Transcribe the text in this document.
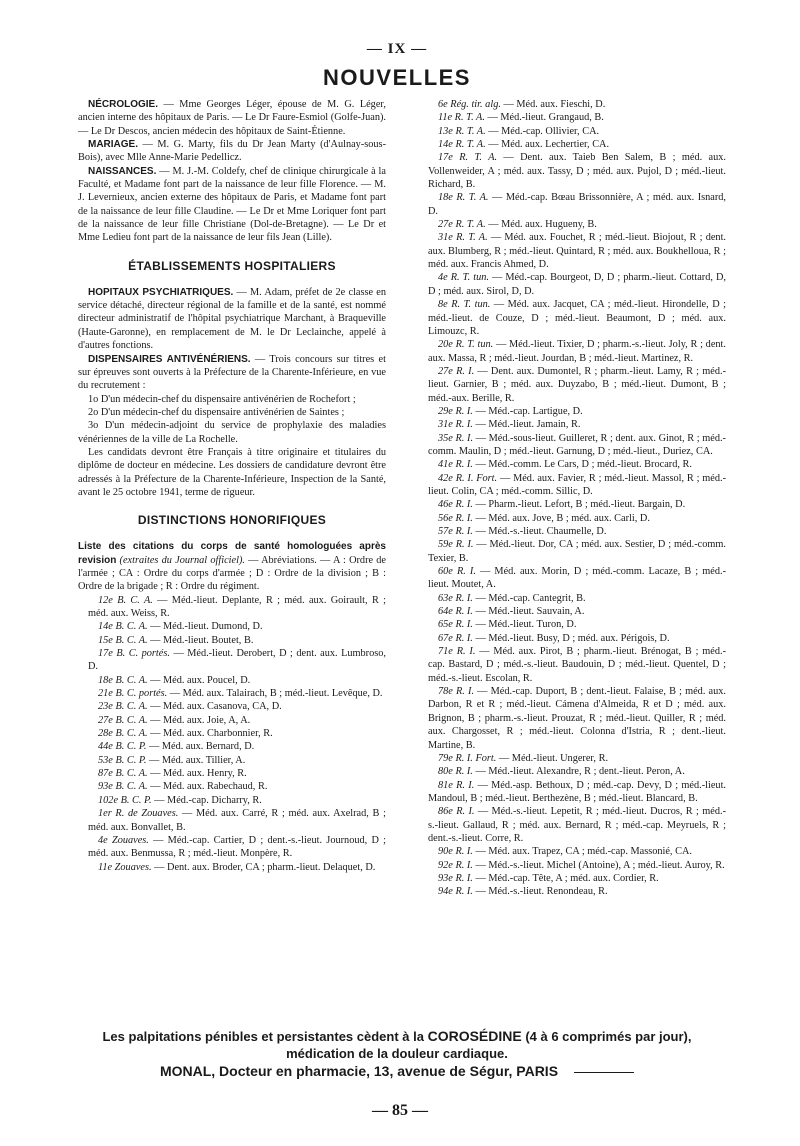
— IX —
NOUVELLES

NÉCROLOGIE. — Mme Georges Léger, épouse de M. G. Léger, ancien interne des hôpitaux de Paris. — Le Dr Faure-Esmiol (Golfe-Juan). — Le Dr Descos, ancien médecin des hôpitaux de Saint-Étienne.

MARIAGE. — M. G. Marty, fils du Dr Jean Marty (d'Aulnay-sous-Bois), avec Mlle Anne-Marie Pedellicz.

NAISSANCES. — M. J.-M. Coldefy, chef de clinique chirurgicale à la Faculté, et Madame font part de la naissance de leur fille Florence. — M. J. Levernieux, ancien externe des hôpitaux de Paris, et Madame font part de la naissance de leur fille Claudine. — Le Dr et Mme Loriquer font part de la naissance de leur fille Christiane (Dol-de-Bretagne). — Le Dr et Mme Ledieu font part de la naissance de leur fils Jean (Lille).

ÉTABLISSEMENTS HOSPITALIERS

HOPITAUX PSYCHIATRIQUES. — M. Adam, préfet de 2e classe en service détaché, directeur régional de la famille et de la santé, est nommé directeur administratif de l'hôpital psychiatrique Marchant, à Braqueville (Haute-Garonne), en remplacement de M. le Dr Leclainche, appelé à d'autres fonctions.

DISPENSAIRES ANTIVÉNÉRIENS. — Trois concours sur titres et sur épreuves sont ouverts à la Préfecture de la Charente-Inférieure, en vue du recrutement :

1o D'un médecin-chef du dispensaire antivénérien de Rochefort ;

2o D'un médecin-chef du dispensaire antivénérien de Saintes ;

3o D'un médecin-adjoint du service de prophylaxie des maladies vénériennes de la ville de La Rochelle.

Les candidats devront être Français à titre originaire et titulaires du diplôme de docteur en médecine. Les dossiers de candidature devront être adressés à la Préfecture de la Charente-Inférieure, Inspection de la Santé, avant le 25 octobre 1941, terme de rigueur.

DISTINCTIONS HONORIFIQUES

Liste des citations du corps de santé homologuées après revision (extraites du Journal officiel). — Abréviations. — A : Ordre de l'armée ; CA : Ordre du corps d'armée ; D : Ordre de la division ; B : Ordre de la brigade ; R : Ordre du régiment.

12e B. C. A. — Méd.-lieut. Deplante, R ; méd. aux. Goirault, R ; méd. aux. Weiss, R.

14e B. C. A. — Méd.-lieut. Dumond, D.

15e B. C. A. — Méd.-lieut. Boutet, B.

17e B. C. portés. — Méd.-lieut. Derobert, D ; dent. aux. Lumbroso, D.

18e B. C. A. — Méd. aux. Poucel, D.

21e B. C. portés. — Méd. aux. Talairach, B ; méd.-lieut. Levêque, D.

23e B. C. A. — Méd. aux. Casanova, CA, D.

27e B. C. A. — Méd. aux. Joie, A, A.

28e B. C. A. — Méd. aux. Charbonnier, R.

44e B. C. P. — Méd. aux. Bernard, D.

53e B. C. P. — Méd. aux. Tillier, A.

87e B. C. A. — Méd. aux. Henry, R.

93e B. C. A. — Méd. aux. Rabechaud, R.

102e B. C. P. — Méd.-cap. Dicharry, R.

1er R. de Zouaves. — Méd. aux. Carré, R ; méd. aux. Axelrad, B ; méd. aux. Bonvallet, B.

4e Zouaves. — Méd.-cap. Cartier, D ; dent.-s.-lieut. Journoud, D ; méd. aux. Benmussa, R ; méd.-lieut. Monpère, R.

11e Zouaves. — Dent. aux. Broder, CA ; pharm.-lieut. Delaquet, D.

6e Rég. tir. alg. — Méd. aux. Fieschi, D.

11e R. T. A. — Méd.-lieut. Grangaud, B.

13e R. T. A. — Méd.-cap. Ollivier, CA.

14e R. T. A. — Méd. aux. Lechertier, CA.

17e R. T. A. — Dent. aux. Taieb Ben Salem, B ; méd. aux. Vollenweider, A ; méd. aux. Tassy, D ; méd. aux. Pujol, D ; méd.-lieut. Richard, B.

18e R. T. A. — Méd.-cap. Bœau Brissonnière, A ; méd. aux. Isnard, D.

27e R. T. A. — Méd. aux. Hugueny, B.

31e R. T. A. — Méd. aux. Fouchet, R ; méd.-lieut. Biojout, R ; dent. aux. Blumberg, R ; méd.-lieut. Quintard, R ; méd. aux. Boukhelloua, R ; méd. aux. Francis Ahmed, D.

4e R. T. tun. — Méd.-cap. Bourgeot, D, D ; pharm.-lieut. Cottard, D, D ; méd. aux. Sirol, D, D.

8e R. T. tun. — Méd. aux. Jacquet, CA ; méd.-lieut. Hirondelle, D ; méd.-lieut. de Couze, D ; méd.-lieut. Beaumont, D ; méd. aux. Limouzc, R.

20e R. T. tun. — Méd.-lieut. Tixier, D ; pharm.-s.-lieut. Joly, R ; dent. aux. Massa, R ; méd.-lieut. Jourdan, B ; méd.-lieut. Martinez, R.

27e R. I. — Dent. aux. Dumontel, R ; pharm.-lieut. Lamy, R ; méd.-lieut. Garnier, B ; méd. aux. Duyzabo, B ; méd.-lieut. Dumont, B ; méd.-aux. Berille, R.

29e R. I. — Méd.-cap. Lartigue, D.

31e R. I. — Méd.-lieut. Jamain, R.

35e R. I. — Méd.-sous-lieut. Guilleret, R ; dent. aux. Ginot, R ; méd.-comm. Maulin, D ; méd.-lieut. Garnung, D ; méd.-lieut., Duriez, CA.

41e R. I. — Méd.-comm. Le Cars, D ; méd.-lieut. Brocard, R.

42e R. I. Fort. — Méd. aux. Favier, R ; méd.-lieut. Massol, R ; méd.-lieut. Colin, CA ; méd.-comm. Sillic, D.

46e R. I. — Pharm.-lieut. Lefort, B ; méd.-lieut. Bargain, D.

56e R. I. — Méd. aux. Jove, B ; méd. aux. Carli, D.

57e R. I. — Méd.-s.-lieut. Chaumelle, D.

59e R. I. — Méd.-lieut. Dor, CA ; méd. aux. Sestier, D ; méd.-comm. Texier, B.

60e R. I. — Méd. aux. Morin, D ; méd.-comm. Lacaze, B ; méd.-lieut. Moutet, A.

63e R. I. — Méd.-cap. Cantegrit, B.

64e R. I. — Méd.-lieut. Sauvain, A.

65e R. I. — Méd.-lieut. Turon, D.

67e R. I. — Méd.-lieut. Busy, D ; méd. aux. Périgois, D.

71e R. I. — Méd. aux. Pirot, B ; pharm.-lieut. Brénogat, B ; méd.-cap. Bastard, D ; méd.-s.-lieut. Baudouin, D ; méd.-lieut. Quentel, D ; méd.-s.-lieut. Escolan, R.

78e R. I. — Méd.-cap. Duport, B ; dent.-lieut. Falaise, B ; méd. aux. Darbon, R et R ; méd.-lieut. Cámena d'Almeida, R et D ; méd. aux. Brignon, B ; pharm.-s.-lieut. Prouzat, R ; méd.-lieut. Quiller, R ; méd. aux. Chargosset, R ; méd.-lieut. Colonna d'Istria, R ; dent.-lieut. Martine, B.

79e R. I. Fort. — Méd.-lieut. Ungerer, R.

80e R. I. — Méd.-lieut. Alexandre, R ; dent.-lieut. Peron, A.

81e R. I. — Méd.-asp. Bethoux, D ; méd.-cap. Devy, D ; méd.-lieut. Mandoul, B ; méd.-lieut. Berthezène, B ; méd.-lieut. Blancard, B.

86e R. I. — Méd.-s.-lieut. Lepetit, R ; méd.-lieut. Ducros, R ; méd.-s.-lieut. Gallaud, R ; méd. aux. Bernard, R ; méd.-cap. Meyruels, R ; dent.-s.-lieut. Corre, R.

90e R. I. — Méd. aux. Trapez, CA ; méd.-cap. Massonié, CA.

92e R. I. — Méd.-s.-lieut. Michel (Antoine), A ; méd.-lieut. Auroy, R.

93e R. I. — Méd.-cap. Tête, A ; méd. aux. Cordier, R.

94e R. I. — Méd.-s.-lieut. Renondeau, R.

Les palpitations pénibles et persistantes cèdent à la COROSÉDINE (4 à 6 comprimés par jour),
médication de la douleur cardiaque.
MONAL, Docteur en pharmacie, 13, avenue de Ségur, PARIS
— 85 —
